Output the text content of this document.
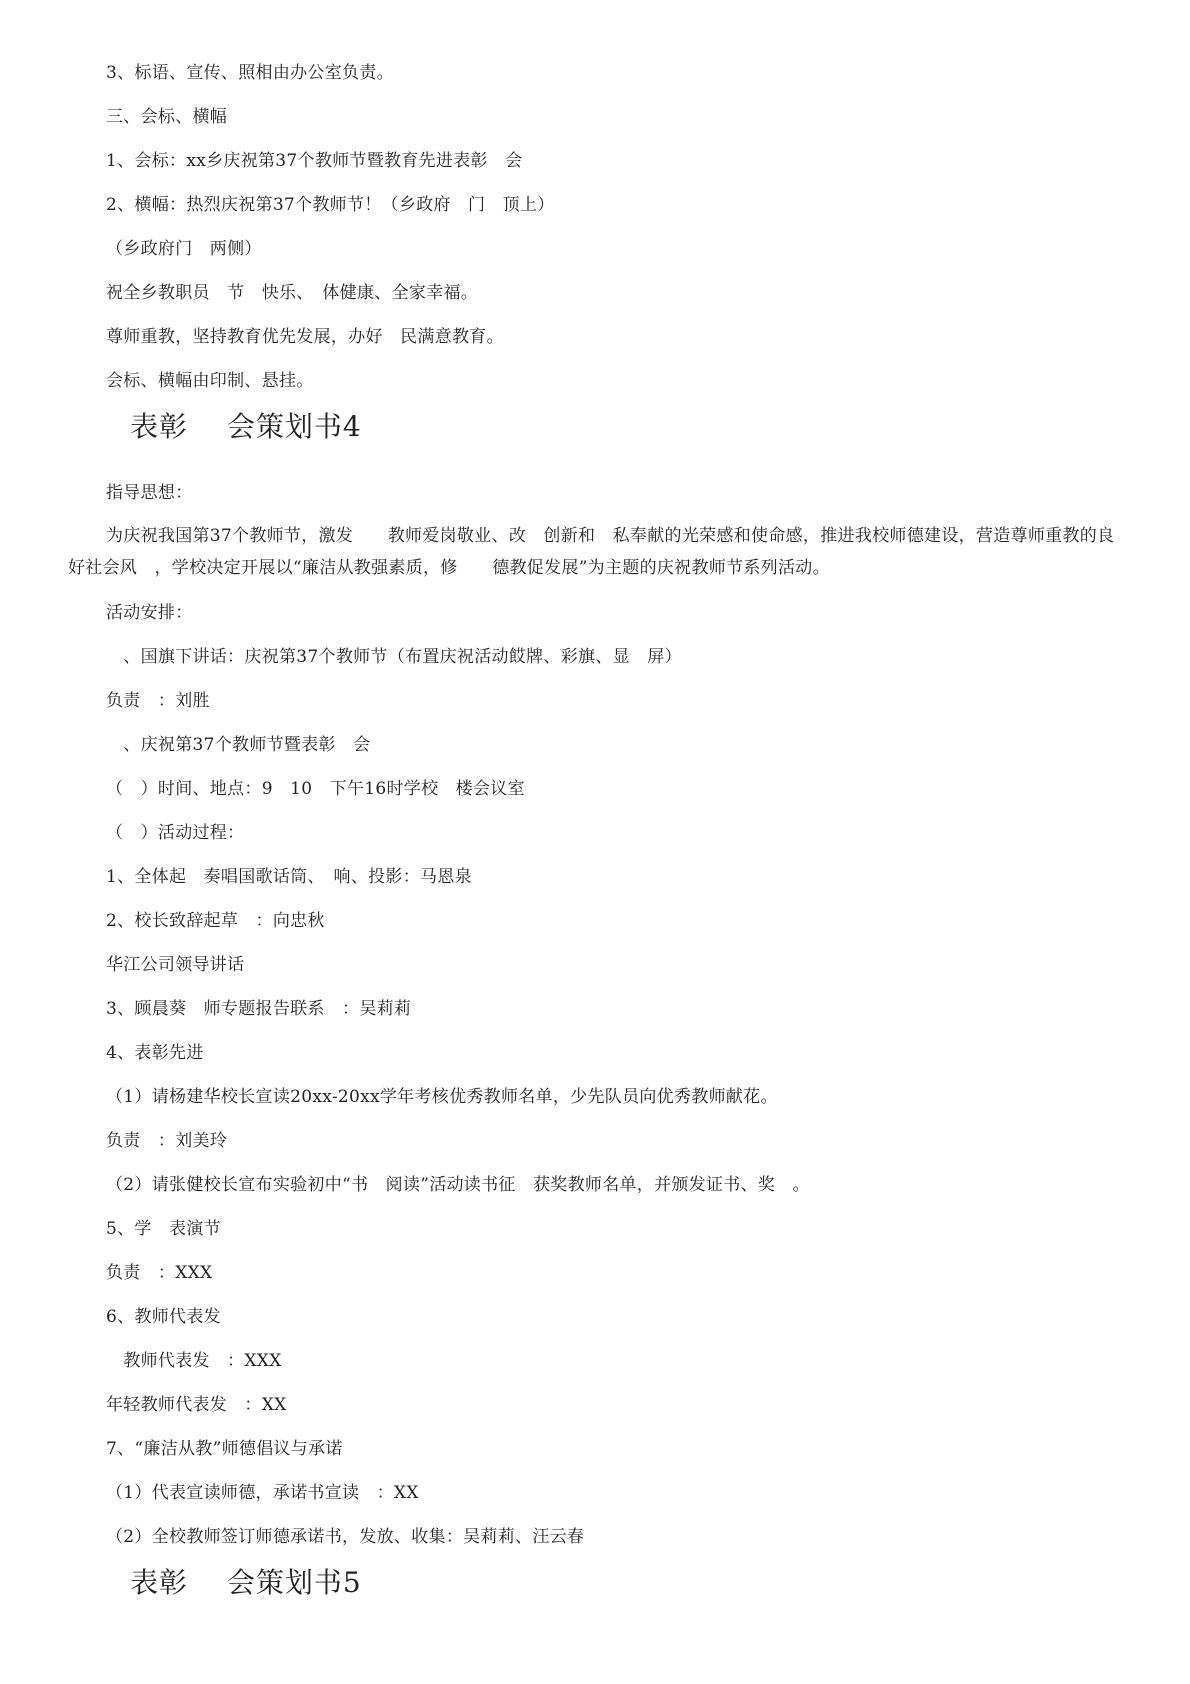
3、标语、宣传、照相由办公室负责。
三、会标、横幅
1、会标：xx乡庆祝第37个教师节暨教育先进表彰　会
2、横幅：热烈庆祝第37个教师节！（乡政府　门　顶上）
（乡政府门　两侧）
祝全乡教职员　节　快乐、　体健康、全家幸福。
尊师重教，坚持教育优先发展，办好　民满意教育。
会标、横幅由印制、悬挂。
表彰　 会策划书4
指导思想：
为庆祝我国第37个教师节，激发　　教师爱岗敬业、改　创新和　私奉献的光荣感和使命感，推进我校师德建设，营造尊师重教的良好社会风　，学校决定开展以“廉洁从教强素质，修　　德教促发展”为主题的庆祝教师节系列活动。
活动安排：
　、国旗下讲话：庆祝第37个教师节（布置庆祝活动餀牌、彩旗、显　屏）
负责　：刘胜
　、庆祝第37个教师节暨表彰　会
（　）时间、地点：9　10　下午16时学校　楼会议室
（　）活动过程：
1、全体起　奏唱国歌话筒、　响、投影：马恩泉
2、校长致辞起草　：向忠秋
华江公司领导讲话
3、顾晨葵　师专题报告联系　：吴莉莉
4、表彰先进
（1）请杨建华校长宣读20xx-20xx学年考核优秀教师名单，少先队员向优秀教师献花。
负责　：刘美玲
（2）请张健校长宣布实验初中“书　阅读”活动读书征　获奖教师名单，并颁发证书、奖　。
5、学　表演节
负责　：XXX
6、教师代表发
　教师代表发　：XXX
年轻教师代表发　：XX
7、“廉洁从教”师德倡议与承诺
（1）代表宣读师德，承诺书宣读　：XX
（2）全校教师签订师德承诺书，发放、收集：吴莉莉、汪云春
表彰　 会策划书5
